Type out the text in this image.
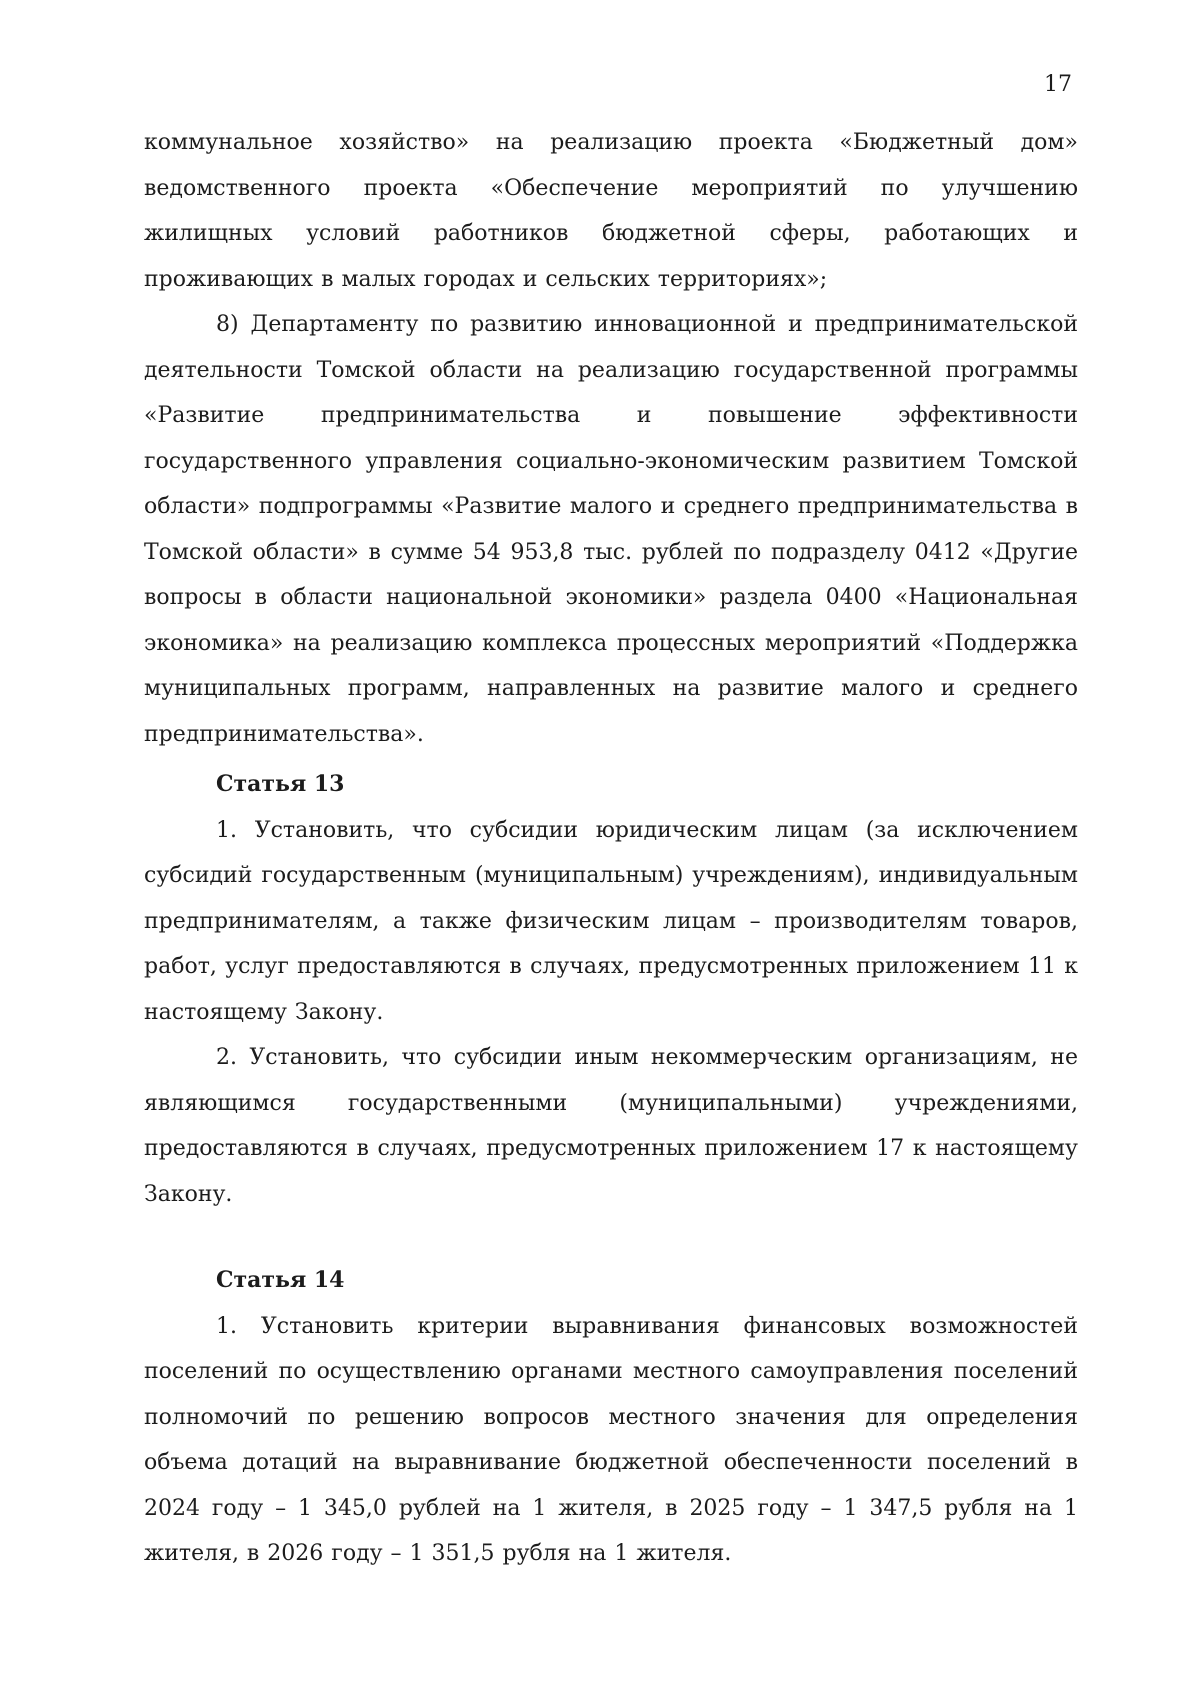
17

коммунальное хозяйство» на реализацию проекта «Бюджетный дом» ведомственного проекта «Обеспечение мероприятий по улучшению жилищных условий работников бюджетной сферы, работающих и проживающих в малых городах и сельских территориях»;

8) Департаменту по развитию инновационной и предпринимательской деятельности Томской области на реализацию государственной программы «Развитие предпринимательства и повышение эффективности государственного управления социально-экономическим развитием Томской области» подпрограммы «Развитие малого и среднего предпринимательства в Томской области» в сумме 54 953,8 тыс. рублей по подразделу 0412 «Другие вопросы в области национальной экономики» раздела 0400 «Национальная экономика» на реализацию комплекса процессных мероприятий «Поддержка муниципальных программ, направленных на развитие малого и среднего предпринимательства».

Статья 13

1. Установить, что субсидии юридическим лицам (за исключением субсидий государственным (муниципальным) учреждениям), индивидуальным предпринимателям, а также физическим лицам – производителям товаров, работ, услуг предоставляются в случаях, предусмотренных приложением 11 к настоящему Закону.

2. Установить, что субсидии иным некоммерческим организациям, не являющимся государственными (муниципальными) учреждениями, предоставляются в случаях, предусмотренных приложением 17 к настоящему Закону.

Статья 14

1. Установить критерии выравнивания финансовых возможностей поселений по осуществлению органами местного самоуправления поселений полномочий по решению вопросов местного значения для определения объема дотаций на выравнивание бюджетной обеспеченности поселений в 2024 году – 1 345,0 рублей на 1 жителя, в 2025 году – 1 347,5 рубля на 1 жителя, в 2026 году – 1 351,5 рубля на 1 жителя.
